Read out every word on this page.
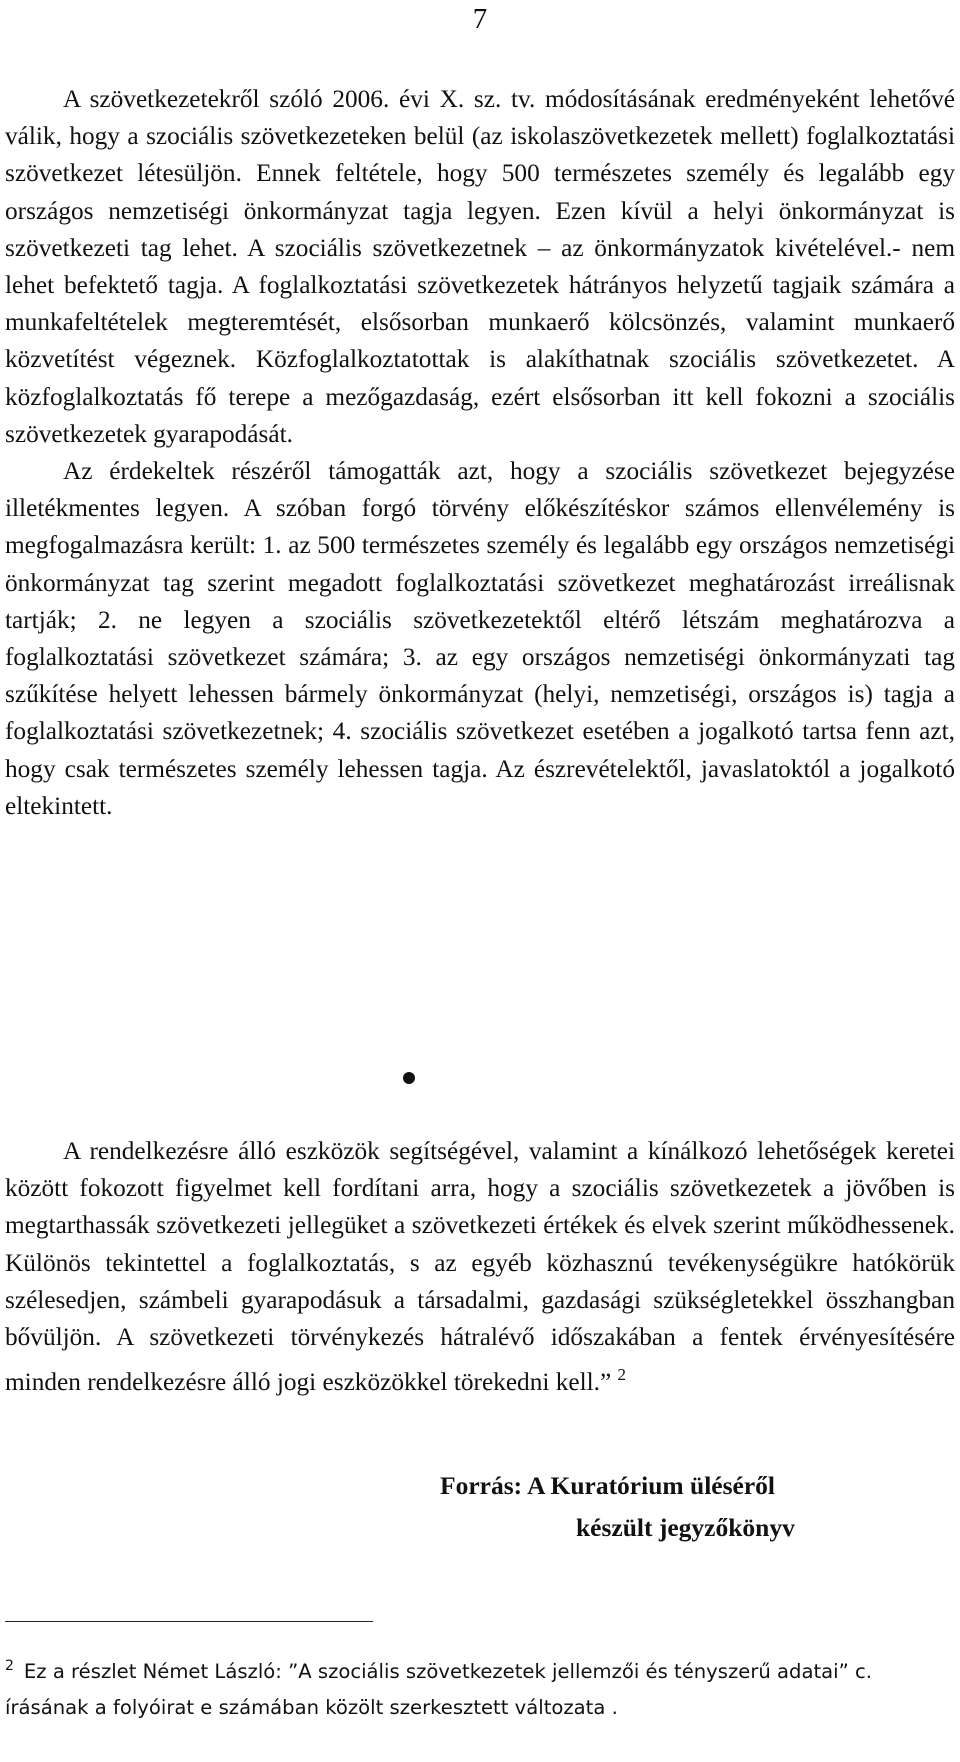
7

A szövetkezetekről szóló 2006. évi X. sz. tv. módosításának eredményeként lehetővé válik, hogy a szociális szövetkezeteken belül (az iskolaszövetkezetek mellett) foglalkoztatási szövetkezet létesüljön. Ennek feltétele, hogy 500 természetes személy és legalább egy országos nemzetiségi önkormányzat tagja legyen. Ezen kívül a helyi önkormányzat is szövetkezeti tag lehet. A szociális szövetkezetnek – az önkormányzatok kivételével.- nem lehet befektető tagja. A foglalkoztatási szövetkezetek hátrányos helyzetű tagjaik számára a munkafeltételek megteremtését, elsősorban munkaerő kölcsönzés, valamint munkaerő közvetítést végeznek. Közfoglalkoztatottak is alakíthatnak szociális szövetkezetet. A közfoglalkoztatás fő terepe a mezőgazdaság, ezért elsősorban itt kell fokozni a szociális szövetkezetek gyarapodását.

Az érdekeltek részéről támogatták azt, hogy a szociális szövetkezet bejegyzése illetékmentes legyen. A szóban forgó törvény előkészítéskor számos ellenvélemény is megfogalmazásra került: 1. az 500 természetes személy és legalább egy országos nemzetiségi önkormányzat tag szerint megadott foglalkoztatási szövetkezet meghatározást irreálisnak tartják; 2. ne legyen a szociális szövetkezetektől eltérő létszám meghatározva a foglalkoztatási szövetkezet számára; 3. az egy országos nemzetiségi önkormányzati tag szűkítése helyett lehessen bármely önkormányzat (helyi, nemzetiségi, országos is) tagja a foglalkoztatási szövetkezetnek; 4. szociális szövetkezet esetében a jogalkotó tartsa fenn azt, hogy csak természetes személy lehessen tagja. Az észrevételektől, javaslatoktól a jogalkotó eltekintett.

A rendelkezésre álló eszközök segítségével, valamint a kínálkozó lehetőségek keretei között fokozott figyelmet kell fordítani arra, hogy a szociális szövetkezetek a jövőben is megtarthassák szövetkezeti jellegüket a szövetkezeti értékek és elvek szerint működhessenek. Különös tekintettel a foglalkoztatás, s az egyéb közhasznú tevékenységükre hatókörük szélesedjen, számbeli gyarapodásuk a társadalmi, gazdasági szükségletekkel összhangban bővüljön. A szövetkezeti törvénykezés hátralévő időszakában a fentek érvényesítésére minden rendelkezésre álló jogi eszközökkel törekedni kell.” $^2$

Forrás: A Kuratórium üléséről
készült jegyzőkönyv

$^2$ Ez a részlet Német László: ”A szociális szövetkezetek jellemzői és tényszerű adatai” c. írásának a folyóirat e számában közölt szerkesztett változata .
